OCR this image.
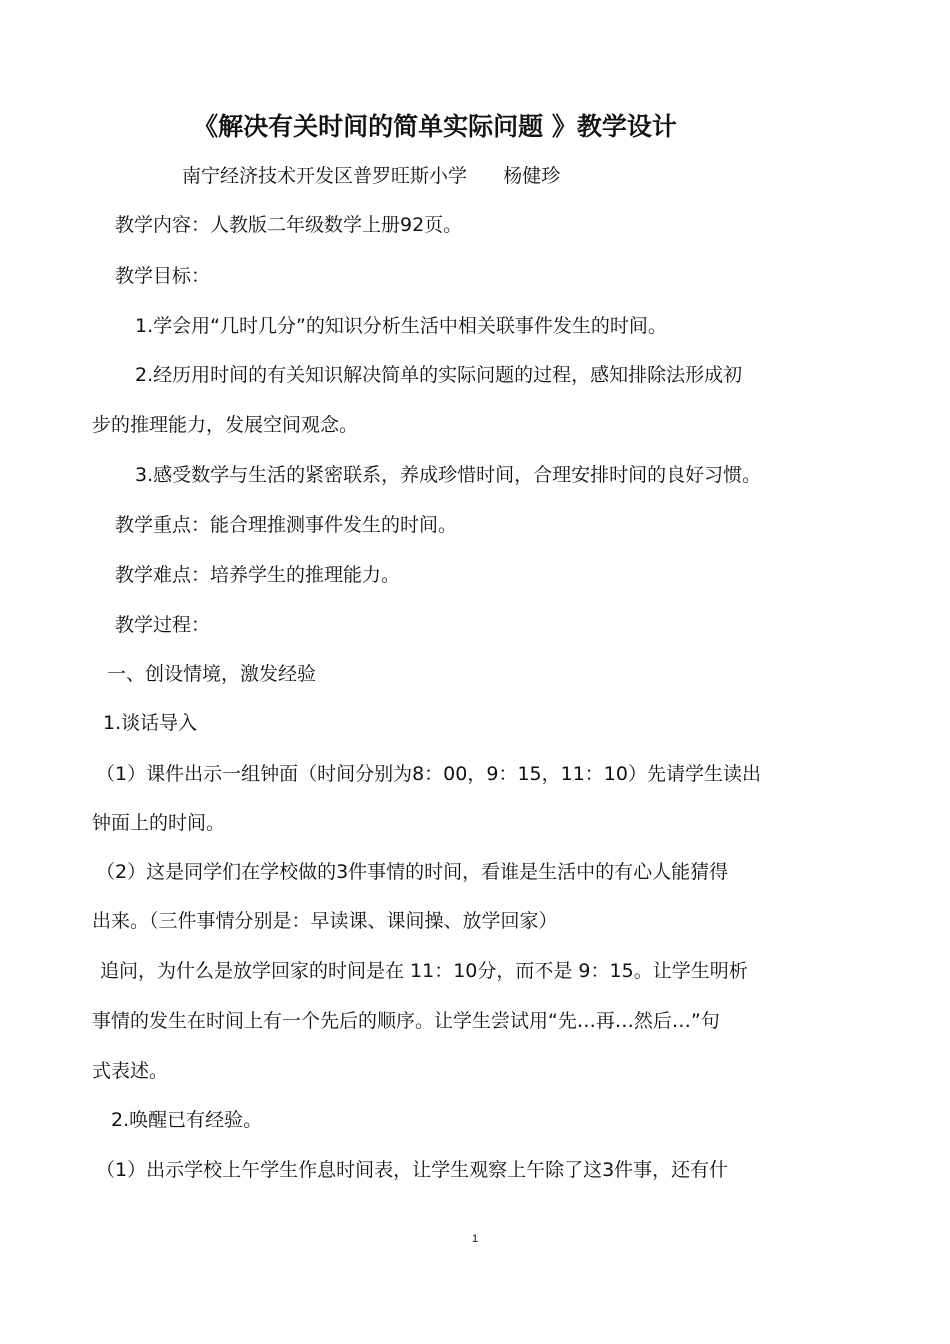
《解决有关时间的简单实际问题 》教学设计
南宁经济技术开发区普罗旺斯小学      杨健珍
教学内容：人教版二年级数学上册92页。
教学目标：
1.学会用“几时几分”的知识分析生活中相关联事件发生的时间。
2.经历用时间的有关知识解决简单的实际问题的过程，感知排除法形成初
步的推理能力，发展空间观念。
3.感受数学与生活的紧密联系，养成珍惜时间，合理安排时间的良好习惯。
教学重点：能合理推测事件发生的时间。
教学难点：培养学生的推理能力。
教学过程：
一、创设情境，激发经验
1.谈话导入
（1）课件出示一组钟面（时间分别为8：00，9：15，11：10）先请学生读出
钟面上的时间。
（2）这是同学们在学校做的3件事情的时间，看谁是生活中的有心人能猜得
出来。（三件事情分别是：早读课、课间操、放学回家）
追问，为什么是放学回家的时间是在 11：10分，而不是 9：15。让学生明析
事情的发生在时间上有一个先后的顺序。让学生尝试用“先…再…然后…”句
式表述。
2.唤醒已有经验。
（1）出示学校上午学生作息时间表，让学生观察上午除了这3件事，还有什
1
